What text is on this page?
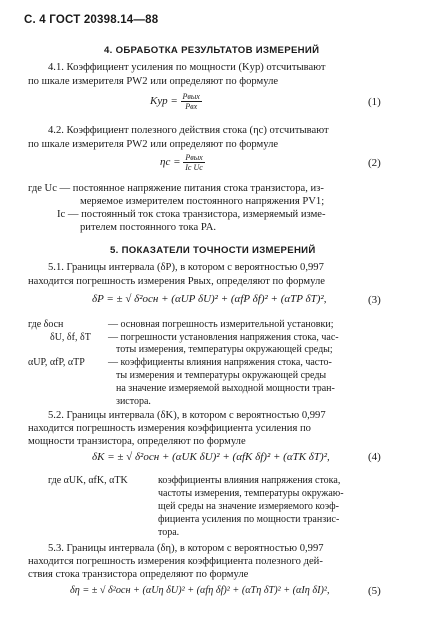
С. 4 ГОСТ 20398.14—88
4. ОБРАБОТКА РЕЗУЛЬТАТОВ ИЗМЕРЕНИЙ
4.1. Коэффициент усиления по мощности (Kур) отсчитывают
по шкале измерителя PW2 или определяют по формуле
Kур = $\frac{\text{Pвых}}{\text{Pвх}}$	(1)
4.2. Коэффициент полезного действия стока (ηс) отсчитывают
по шкале измерителя PW2 или определяют по формуле
$\eta с = \frac{\text{Pвых}}{\text{Iс Uс}}$	(2)
где Uс — постоянное напряжение питания стока транзистора, из-
меряемое измерителем постоянного напряжения PV1;
Iс — постоянный ток стока транзистора, измеряемый изме-
рителем постоянного тока PA.
5. ПОКАЗАТЕЛИ ТОЧНОСТИ ИЗМЕРЕНИЙ
5.1. Границы интервала (δP), в котором с вероятностью 0,997
находится погрешность измерения Pвых, определяют по формуле
δP = ± √ δ²осн + (αUP δU)² + (αfP δf)² + (αTP δT)²,	(3)
где δосн	— основная погрешность измерительной установки;
δU, δf, δT — погрешности установления напряжения стока, час-
тоты измерения, температуры окружающей среды;
αUP, αfP, αTP — коэффициенты влияния напряжения стока, часто-
ты измерения и температуры окружающей среды
на значение измеряемой выходной мощности тран-
зистора.
5.2. Границы интервала (δK), в котором с вероятностью 0,997
находится погрешность измерения коэффициента усиления по
мощности транзистора, определяют по формуле
δK = ± √ δ²осн + (αUK δU)² + (αfK δf)² + (αTK δT)²,	(4)
где αUK, αfK, αTK	коэффициенты влияния напряжения стока,
частоты измерения, температуры окружаю-
щей среды на значение измеряемого коэф-
фициента усиления по мощности транзис-
тора.
5.3. Границы интервала (δη), в котором с вероятностью 0,997
находится погрешность измерения коэффициента полезного дей-
ствия стока транзистора определяют по формуле
δη = ± √ δ²осн + (αUη δU)² + (αfη δf)² + (αTη δT)² + (αIη δI)²,	(5)
